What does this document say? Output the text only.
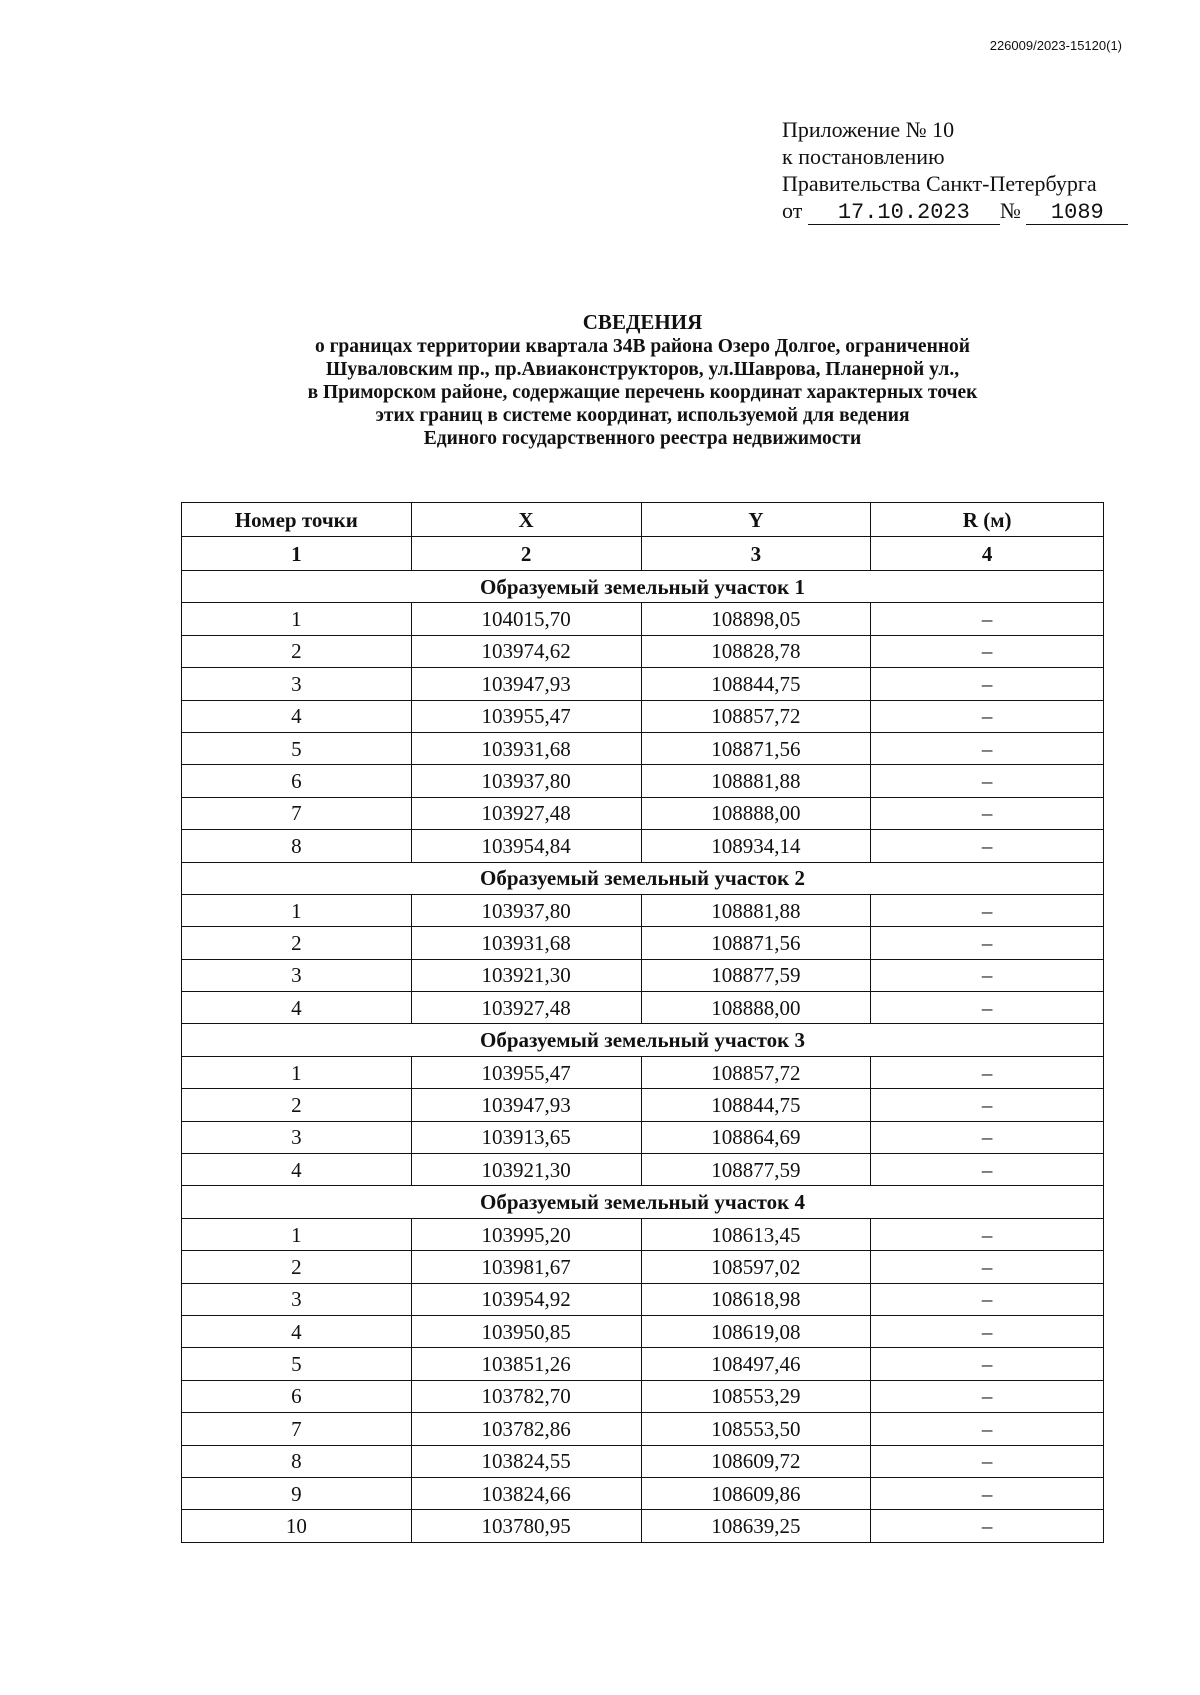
226009/2023-15120(1)
Приложение № 10
к постановлению
Правительства Санкт-Петербурга
от 17.10.2023 № 1089
СВЕДЕНИЯ
о границах территории квартала 34В района Озеро Долгое, ограниченной
Шуваловским пр., пр.Авиаконструкторов, ул.Шаврова, Планерной ул.,
в Приморском районе, содержащие перечень координат характерных точек
этих границ в системе координат, используемой для ведения
Единого государственного реестра недвижимости
Номер точки	X	Y	R (м)
1	2	3	4
Образуемый земельный участок 1			
1	104015,70	108898,05	–
2	103974,62	108828,78	–
3	103947,93	108844,75	–
4	103955,47	108857,72	–
5	103931,68	108871,56	–
6	103937,80	108881,88	–
7	103927,48	108888,00	–
8	103954,84	108934,14	–
Образуемый земельный участок 2			
1	103937,80	108881,88	–
2	103931,68	108871,56	–
3	103921,30	108877,59	–
4	103927,48	108888,00	–
Образуемый земельный участок 3			
1	103955,47	108857,72	–
2	103947,93	108844,75	–
3	103913,65	108864,69	–
4	103921,30	108877,59	–
Образуемый земельный участок 4			
1	103995,20	108613,45	–
2	103981,67	108597,02	–
3	103954,92	108618,98	–
4	103950,85	108619,08	–
5	103851,26	108497,46	–
6	103782,70	108553,29	–
7	103782,86	108553,50	–
8	103824,55	108609,72	–
9	103824,66	108609,86	–
10	103780,95	108639,25	–
